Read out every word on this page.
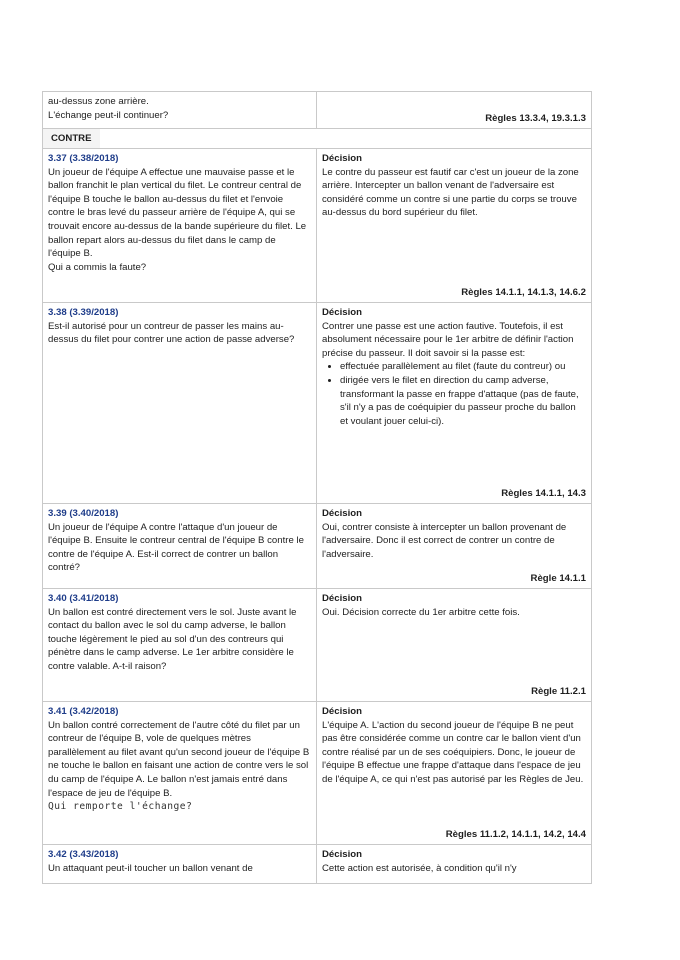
au-dessus zone arrière.

L'échange peut-il continuer?	Règles 13.3.4, 19.3.1.3
CONTRE

3.37 (3.38/2018)

Un joueur de l'équipe A effectue une mauvaise passe et le ballon franchit le plan vertical du filet. Le contreur central de l'équipe B touche le ballon au-dessus du filet et l'envoie contre le bras levé du passeur arrière de l'équipe A, qui se trouvait encore au-dessus de la bande supérieure du filet. Le ballon repart alors au-dessus du filet dans le camp de l'équipe B.

Qui a commis la faute?

Décision

Le contre du passeur est fautif car c'est un joueur de la zone arrière. Intercepter un ballon venant de l'adversaire est considéré comme un contre si une partie du corps se trouve au-dessus du bord supérieur du filet.

Règles 14.1.1, 14.1.3, 14.6.2

3.38 (3.39/2018)

Est-il autorisé pour un contreur de passer les mains au-dessus du filet pour contrer une action de passe adverse?

Décision

Contrer une passe est une action fautive. Toutefois, il est absolument nécessaire pour le 1er arbitre de définir l'action précise du passeur. Il doit savoir si la passe est:

• effectuée parallèlement au filet (faute du contreur) ou
• dirigée vers le filet en direction du camp adverse, transformant la passe en frappe d'attaque (pas de faute, s'il n'y a pas de coéquipier du passeur proche du ballon et voulant jouer celui-ci).
Règles 14.1.1, 14.3

3.39 (3.40/2018)

Un joueur de l'équipe A contre l'attaque d'un joueur de l'équipe B. Ensuite le contreur central de l'équipe B contre le contre de l'équipe A. Est-il correct de contrer un ballon contré?

Décision

Oui, contrer consiste à intercepter un ballon provenant de l'adversaire. Donc il est correct de contrer un contre de l'adversaire.

Règle 14.1.1

3.40 (3.41/2018)

Un ballon est contré directement vers le sol. Juste avant le contact du ballon avec le sol du camp adverse, le ballon touche légèrement le pied au sol d'un des contreurs qui pénètre dans le camp adverse. Le 1er arbitre considère le contre valable. A-t-il raison?

Décision

Oui. Décision correcte du 1er arbitre cette fois.

Règle 11.2.1

3.41 (3.42/2018)

Un ballon contré correctement de l'autre côté du filet par un contreur de l'équipe B, vole de quelques mètres parallèlement au filet avant qu'un second joueur de l'équipe B ne touche le ballon en faisant une action de contre vers le sol du camp de l'équipe A. Le ballon n'est jamais entré dans l'espace de jeu de l'équipe B.

Qui remporte l'échange?

Décision

L'équipe A. L'action du second joueur de l'équipe B ne peut pas être considérée comme un contre car le ballon vient d'un contre réalisé par un de ses coéquipiers. Donc, le joueur de l'équipe B effectue une frappe d'attaque dans l'espace de jeu de l'équipe A, ce qui n'est pas autorisé par les Règles de Jeu.

Règles 11.1.2, 14.1.1, 14.2, 14.4

3.42 (3.43/2018)

Un attaquant peut-il toucher un ballon venant de

Décision

Cette action est autorisée, à condition qu'il n'y
